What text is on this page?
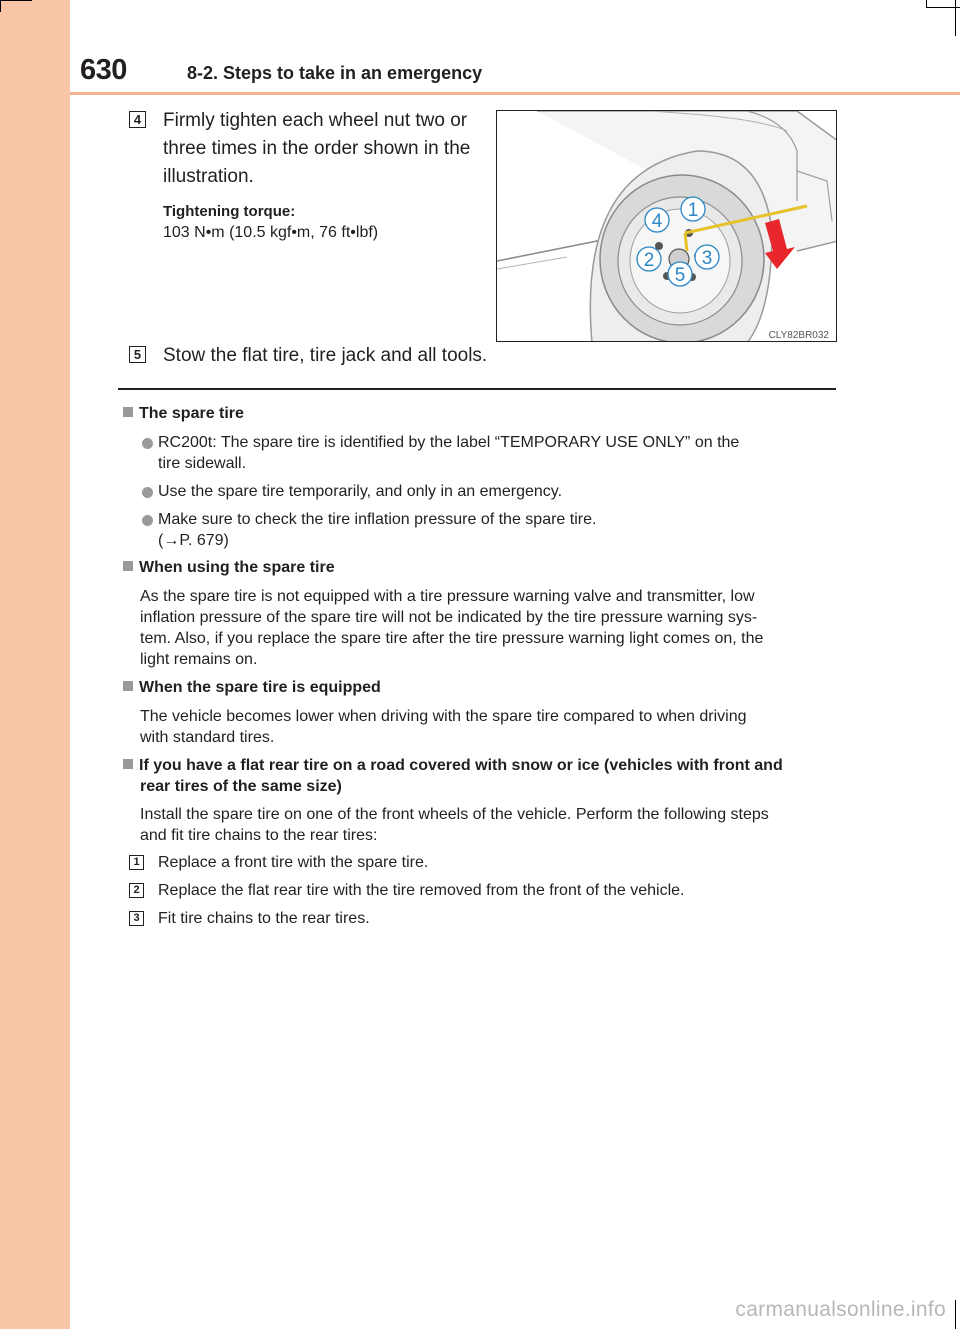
630	8-2. Steps to take in an emergency
4 Firmly tighten each wheel nut two or
three times in the order shown in the
illustration.
Tightening torque:
103 N•m (10.5 kgf•m, 76 ft•lbf)
1
2 3
4
5
CLY82BR032
5 Stow the flat tire, tire jack and all tools.
The spare tire
RC200t: The spare tire is identified by the label “TEMPORARY USE ONLY” on the
tire sidewall.
Use the spare tire temporarily, and only in an emergency.
Make sure to check the tire inflation pressure of the spare tire.
(→P. 679)
When using the spare tire
As the spare tire is not equipped with a tire pressure warning valve and transmitter, low
inflation pressure of the spare tire will not be indicated by the tire pressure warning sys-
tem. Also, if you replace the spare tire after the tire pressure warning light comes on, the
light remains on.
When the spare tire is equipped
The vehicle becomes lower when driving with the spare tire compared to when driving
with standard tires.
If you have a flat rear tire on a road covered with snow or ice (vehicles with front and
rear tires of the same size)
Install the spare tire on one of the front wheels of the vehicle. Perform the following steps
and fit tire chains to the rear tires:
1 Replace a front tire with the spare tire.
2 Replace the flat rear tire with the tire removed from the front of the vehicle.
3 Fit tire chains to the rear tires.
carmanualsonline.info
